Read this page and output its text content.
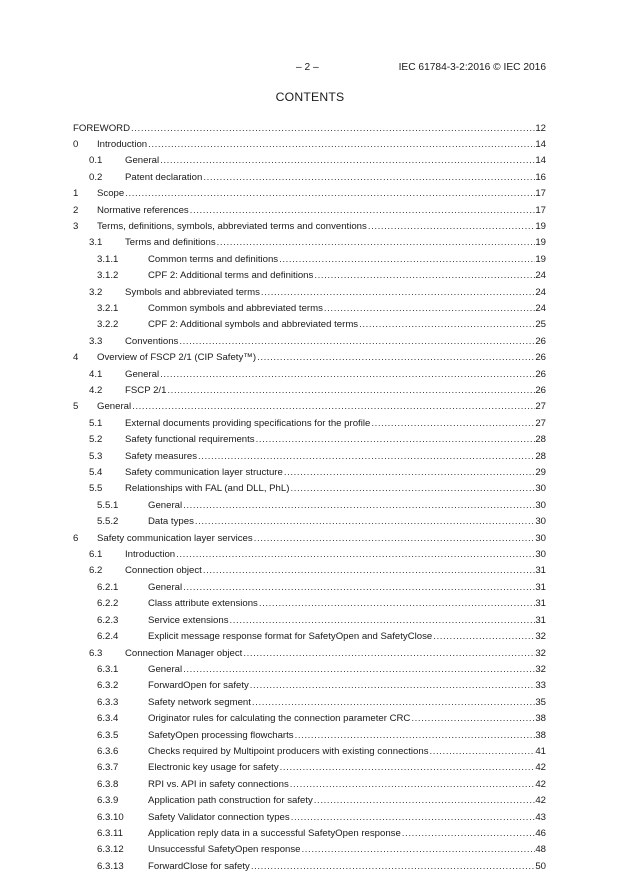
– 2 –	IEC 61784-3-2:2016 © IEC 2016
CONTENTS
FOREWORD .....	12
0 Introduction .....	14
0.1 General .....	14
0.2 Patent declaration .....	16
1 Scope .....	17
2 Normative references .....	17
3 Terms, definitions, symbols, abbreviated terms and conventions .....	19
3.1 Terms and definitions .....	19
3.1.1	Common terms and definitions .....	19
3.1.2	CPF 2: Additional terms and definitions .....	24
3.2 Symbols and abbreviated terms .....	24
3.2.1	Common symbols and abbreviated terms .....	24
3.2.2	CPF 2: Additional symbols and abbreviated terms .....	25
3.3 Conventions .....	26
4 Overview of FSCP 2/1 (CIP Safety™) .....	26
4.1 General .....	26
4.2 FSCP 2/1 .....	26
5 General .....	27
5.1 External documents providing specifications for the profile .....	27
5.2 Safety functional requirements .....	28
5.3 Safety measures .....	28
5.4 Safety communication layer structure .....	29
5.5 Relationships with FAL (and DLL, PhL) .....	30
5.5.1	General .....	30
5.5.2	Data types .....	30
6 Safety communication layer services .....	30
6.1 Introduction .....	30
6.2 Connection object .....	31
6.2.1	General .....	31
6.2.2	Class attribute extensions .....	31
6.2.3	Service extensions .....	31
6.2.4	Explicit message response format for SafetyOpen and SafetyClose .....	32
6.3 Connection Manager object .....	32
6.3.1	General .....	32
6.3.2	ForwardOpen for safety .....	33
6.3.3	Safety network segment .....	35
6.3.4	Originator rules for calculating the connection parameter CRC .....	38
6.3.5	SafetyOpen processing flowcharts .....	38
6.3.6	Checks required by Multipoint producers with existing connections .....	41
6.3.7	Electronic key usage for safety .....	42
6.3.8	RPI vs. API in safety connections .....	42
6.3.9	Application path construction for safety .....	42
6.3.10	Safety Validator connection types .....	43
6.3.11	Application reply data in a successful SafetyOpen response .....	46
6.3.12	Unsuccessful SafetyOpen response .....	48
6.3.13	ForwardClose for safety .....	50
